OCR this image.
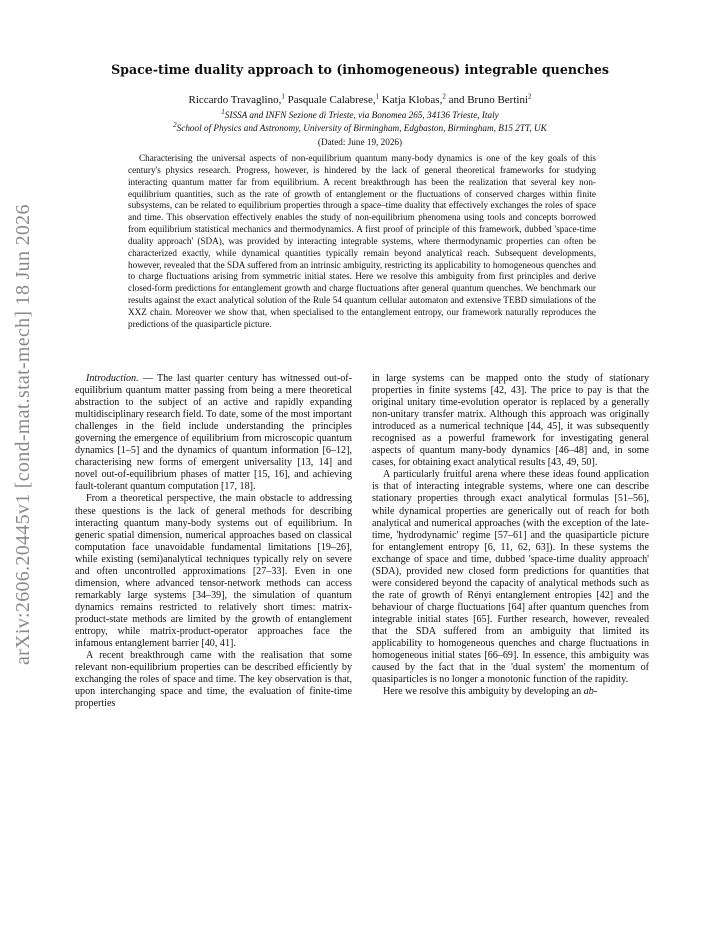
arXiv:2606.20445v1 [cond-mat.stat-mech] 18 Jun 2026
Space-time duality approach to (inhomogeneous) integrable quenches
Riccardo Travaglino,$^1$ Pasquale Calabrese,$^1$ Katja Klobas,$^2$ and Bruno Bertini$^2$
$^1$SISSA and INFN Sezione di Trieste, via Bonomea 265, 34136 Trieste, Italy
$^2$School of Physics and Astronomy, University of Birmingham, Edgbaston, Birmingham, B15 2TT, UK
(Dated: June 19, 2026)

Characterising the universal aspects of non-equilibrium quantum many-body dynamics is one of the key goals of this century's physics research. Progress, however, is hindered by the lack of general theoretical frameworks for studying interacting quantum matter far from equilibrium. A recent breakthrough has been the realization that several key non-equilibrium quantities, such as the rate of growth of entanglement or the fluctuations of conserved charges within finite subsystems, can be related to equilibrium properties through a space–time duality that effectively exchanges the roles of space and time. This observation effectively enables the study of non-equilibrium phenomena using tools and concepts borrowed from equilibrium statistical mechanics and thermodynamics. A first proof of principle of this framework, dubbed 'space-time duality approach' (SDA), was provided by interacting integrable systems, where thermodynamic properties can often be characterized exactly, while dynamical quantities typically remain beyond analytical reach. Subsequent developments, however, revealed that the SDA suffered from an intrinsic ambiguity, restricting its applicability to homogeneous quenches and to charge fluctuations arising from symmetric initial states. Here we resolve this ambiguity from first principles and derive closed-form predictions for entanglement growth and charge fluctuations after general quantum quenches. We benchmark our results against the exact analytical solution of the Rule 54 quantum cellular automaton and extensive TEBD simulations of the XXZ chain. Moreover we show that, when specialised to the entanglement entropy, our framework naturally reproduces the predictions of the quasiparticle picture.

Introduction. — The last quarter century has witnessed out-of-equilibrium quantum matter passing from being a mere theoretical abstraction to the subject of an active and rapidly expanding multidisciplinary research field. To date, some of the most important challenges in the field include understanding the principles governing the emergence of equilibrium from microscopic quantum dynamics [1–5] and the dynamics of quantum information [6–12], characterising new forms of emergent universality [13, 14] and novel out-of-equilibrium phases of matter [15, 16], and achieving fault-tolerant quantum computation [17, 18].

From a theoretical perspective, the main obstacle to addressing these questions is the lack of general methods for describing interacting quantum many-body systems out of equilibrium. In generic spatial dimension, numerical approaches based on classical computation face unavoidable fundamental limitations [19–26], while existing (semi)analytical techniques typically rely on severe and often uncontrolled approximations [27–33]. Even in one dimension, where advanced tensor-network methods can access remarkably large systems [34–39], the simulation of quantum dynamics remains restricted to relatively short times: matrix-product-state methods are limited by the growth of entanglement entropy, while matrix-product-operator approaches face the infamous entanglement barrier [40, 41].

A recent breakthrough came with the realisation that some relevant non-equilibrium properties can be described efficiently by exchanging the roles of space and time. The key observation is that, upon interchanging space and time, the evaluation of finite-time properties

in large systems can be mapped onto the study of stationary properties in finite systems [42, 43]. The price to pay is that the original unitary time-evolution operator is replaced by a generally non-unitary transfer matrix. Although this approach was originally introduced as a numerical technique [44, 45], it was subsequently recognised as a powerful framework for investigating general aspects of quantum many-body dynamics [46–48] and, in some cases, for obtaining exact analytical results [43, 49, 50].

A particularly fruitful arena where these ideas found application is that of interacting integrable systems, where one can describe stationary properties through exact analytical formulas [51–56], while dynamical properties are generically out of reach for both analytical and numerical approaches (with the exception of the late-time, 'hydrodynamic' regime [57–61] and the quasiparticle picture for entanglement entropy [6, 11, 62, 63]). In these systems the exchange of space and time, dubbed 'space-time duality approach' (SDA), provided new closed form predictions for quantities that were considered beyond the capacity of analytical methods such as the rate of growth of Rényi entanglement entropies [42] and the behaviour of charge fluctuations [64] after quantum quenches from integrable initial states [65]. Further research, however, revealed that the SDA suffered from an ambiguity that limited its applicability to homogeneous quenches and charge fluctuations in homogeneous initial states [66–69]. In essence, this ambiguity was caused by the fact that in the 'dual system' the momentum of quasiparticles is no longer a monotonic function of the rapidity.

Here we resolve this ambiguity by developing an ab-
